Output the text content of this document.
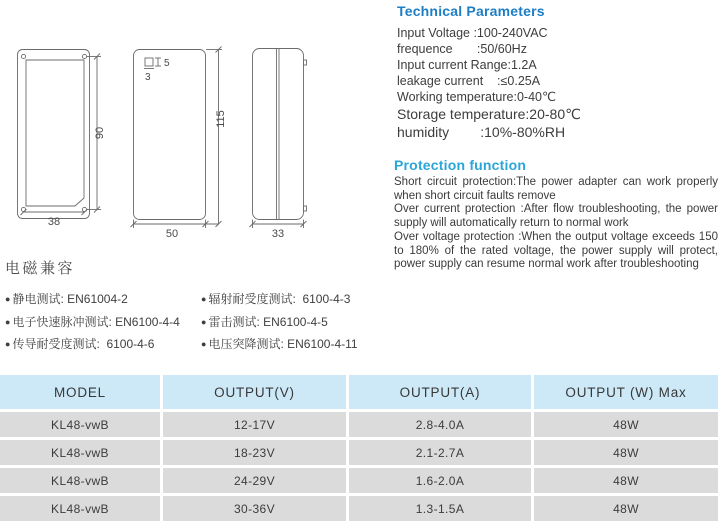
90
38
5
3
115
50	33
Technical Parameters
Input Voltage :100-240VAC
frequence       :50/60Hz
Input current Range:1.2A
leakage current    :≤0.25A
Working temperature:0-40℃
Storage temperature:20-80℃
humidity        :10%-80%RH
Protection function
Short circuit protection:The power adapter can work properly when short circuit faults remove
Over current protection :After flow troubleshooting, the power supply will automatically return to normal work
Over voltage protection :When the output voltage exceeds 150 to 180% of the rated voltage, the power supply will protect, power supply can resume normal work after troubleshooting
电磁兼容
● 静电测试: EN61004-2
● 电子快速脉冲测试: EN6100-4-4
● 传导耐受度测试:  6100-4-6
● 辐射耐受度测试:  6100-4-3
● 雷击测试: EN6100-4-5
● 电压突降测试: EN6100-4-11
MODEL	OUTPUT(V)	OUTPUT(A)	OUTPUT (W) Max
KL48-vwB	12-17V	2.8-4.0A	48W
KL48-vwB	18-23V	2.1-2.7A	48W
KL48-vwB	24-29V	1.6-2.0A	48W
KL48-vwB	30-36V	1.3-1.5A	48W
